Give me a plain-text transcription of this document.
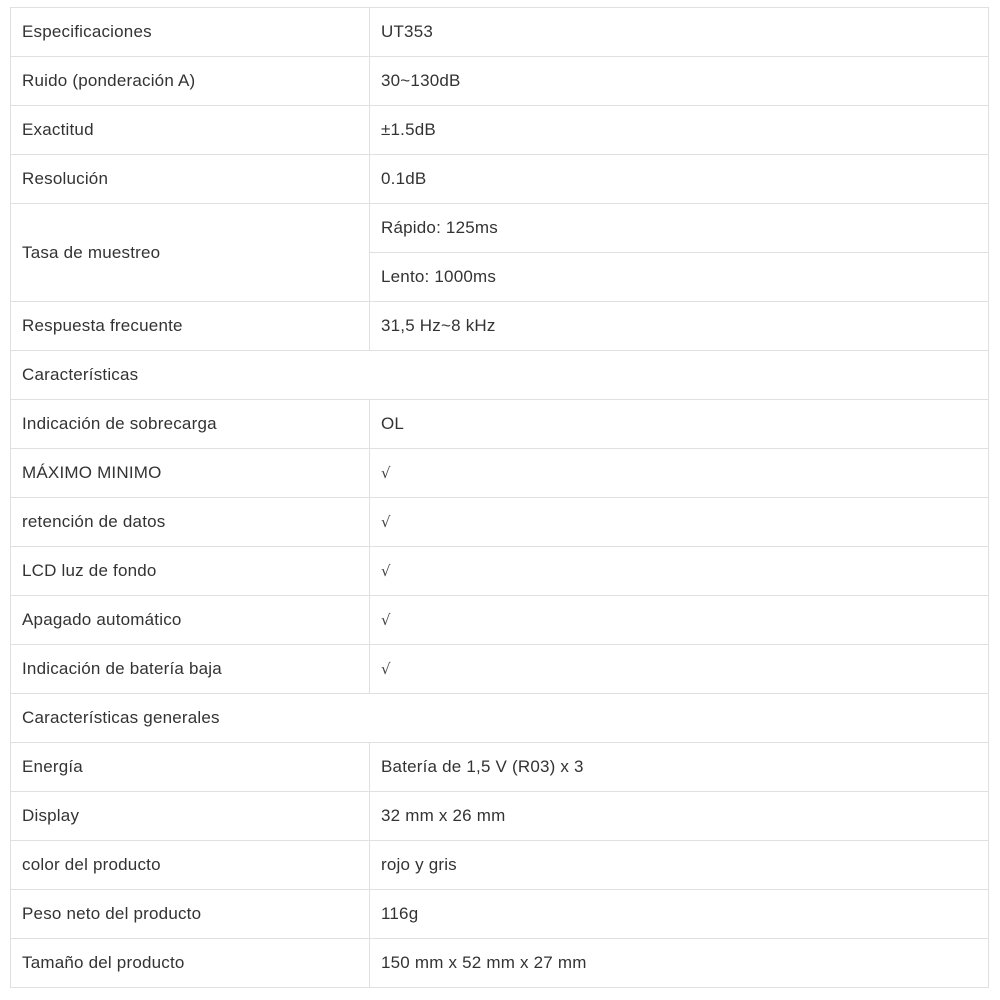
Especificaciones	UT353
Ruido (ponderación A)	30~130dB
Exactitud	±1.5dB
Resolución	0.1dB
Tasa de muestreo	Rápido: 125ms
	Lento: 1000ms
Respuesta frecuente	31,5 Hz~8 kHz
Características	
Indicación de sobrecarga	OL
MÁXIMO MINIMO	√
retención de datos	√
LCD luz de fondo	√
Apagado automático	√
Indicación de batería baja	√
Características generales	
Energía	Batería de 1,5 V (R03) x 3
Display	32 mm x 26 mm
color del producto	rojo y gris
Peso neto del producto	116g
Tamaño del producto	150 mm x 52 mm x 27 mm
